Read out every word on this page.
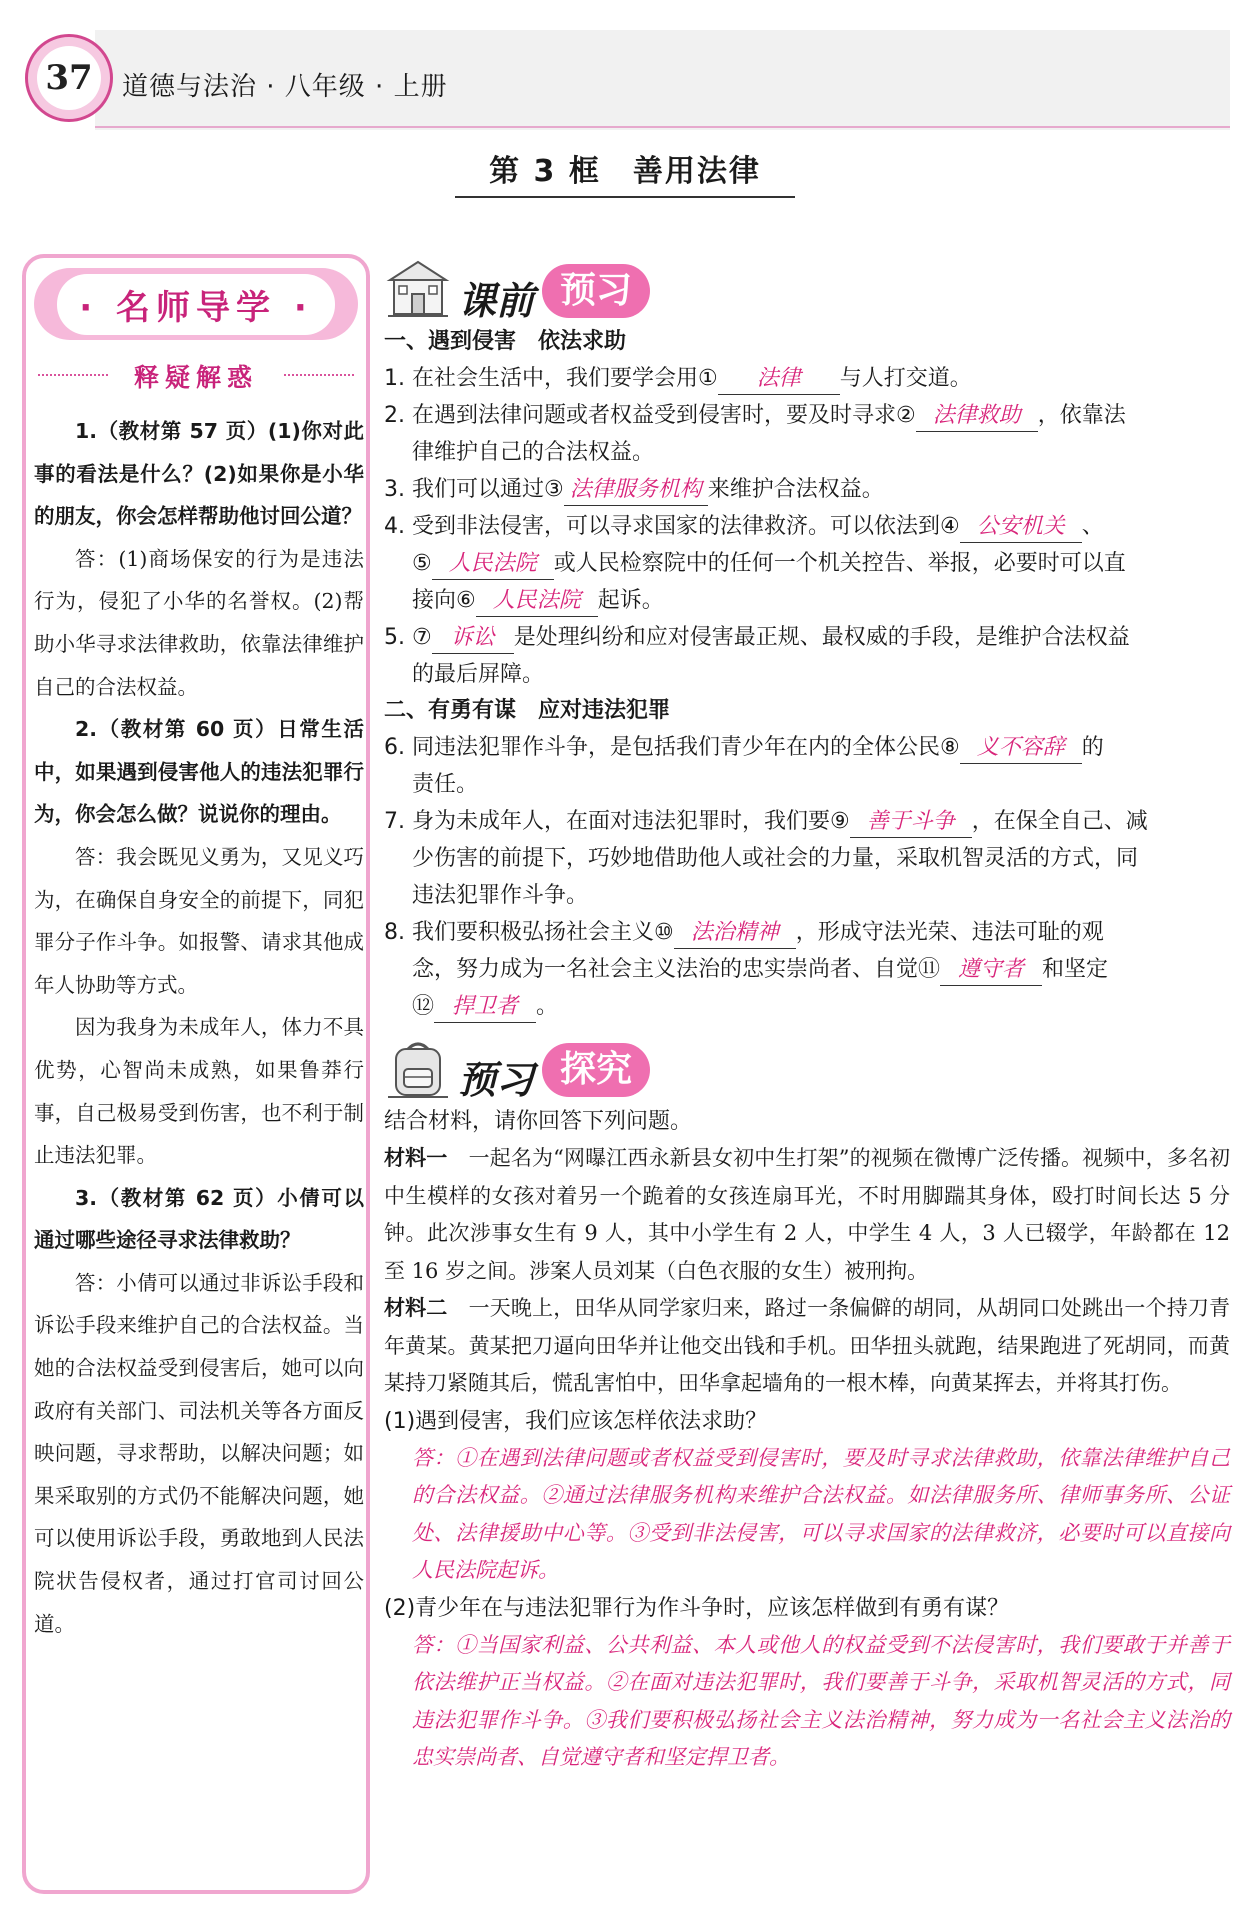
37	道德与法治 · 八年级 · 上册
第 3 框　善用法律
· 名师导学 ·
释疑解惑

1.（教材第 57 页）(1)你对此事的看法是什么？(2)如果你是小华的朋友，你会怎样帮助他讨回公道？

答：(1)商场保安的行为是违法行为，侵犯了小华的名誉权。(2)帮助小华寻求法律救助，依靠法律维护自己的合法权益。

2.（教材第 60 页）日常生活中，如果遇到侵害他人的违法犯罪行为，你会怎么做？说说你的理由。

答：我会既见义勇为，又见义巧为，在确保自身安全的前提下，同犯罪分子作斗争。如报警、请求其他成年人协助等方式。

因为我身为未成年人，体力不具优势，心智尚未成熟，如果鲁莽行事，自己极易受到伤害，也不利于制止违法犯罪。

3.（教材第 62 页）小倩可以通过哪些途径寻求法律救助？

答：小倩可以通过非诉讼手段和诉讼手段来维护自己的合法权益。当她的合法权益受到侵害后，她可以向政府有关部门、司法机关等各方面反映问题，寻求帮助，以解决问题；如果采取别的方式仍不能解决问题，她可以使用诉讼手段，勇敢地到人民法院状告侵权者，通过打官司讨回公道。

课前 预习

一、遇到侵害　依法求助

1. 在社会生活中，我们要学会用① 法律 与人打交道。

2. 在遇到法律问题或者权益受到侵害时，要及时寻求② 法律救助 ，依靠法

律维护自己的合法权益。

3. 我们可以通过③ 法律服务机构 来维护合法权益。

4. 受到非法侵害，可以寻求国家的法律救济。可以依法到④ 公安机关 、

⑤ 人民法院 或人民检察院中的任何一个机关控告、举报，必要时可以直

接向⑥ 人民法院 起诉。

5. ⑦ 诉讼 是处理纠纷和应对侵害最正规、最权威的手段，是维护合法权益

的最后屏障。

二、有勇有谋　应对违法犯罪

6. 同违法犯罪作斗争，是包括我们青少年在内的全体公民⑧ 义不容辞 的

责任。

7. 身为未成年人，在面对违法犯罪时，我们要⑨ 善于斗争 ，在保全自己、减

少伤害的前提下，巧妙地借助他人或社会的力量，采取机智灵活的方式，同

违法犯罪作斗争。

8. 我们要积极弘扬社会主义⑩ 法治精神 ，形成守法光荣、违法可耻的观

念，努力成为一名社会主义法治的忠实崇尚者、自觉⑪ 遵守者 和坚定

⑫ 捍卫者 。

预习 探究

结合材料，请你回答下列问题。

材料一　 一起名为“网曝江西永新县女初中生打架”的视频在微博广泛传播。视频中，多名初中生模样的女孩对着另一个跪着的女孩连扇耳光，不时用脚踹其身体，殴打时间长达 5 分钟。此次涉事女生有 9 人，其中小学生有 2 人，中学生 4 人，3 人已辍学，年龄都在 12 至 16 岁之间。涉案人员刘某（白色衣服的女生）被刑拘。

材料二　 一天晚上，田华从同学家归来，路过一条偏僻的胡同，从胡同口处跳出一个持刀青年黄某。黄某把刀逼向田华并让他交出钱和手机。田华扭头就跑，结果跑进了死胡同，而黄某持刀紧随其后，慌乱害怕中，田华拿起墙角的一根木棒，向黄某挥去，并将其打伤。

(1)遇到侵害，我们应该怎样依法求助？

答：①在遇到法律问题或者权益受到侵害时，要及时寻求法律救助，依靠法律维护自己的合法权益。②通过法律服务机构来维护合法权益。如法律服务所、律师事务所、公证处、法律援助中心等。③受到非法侵害，可以寻求国家的法律救济，必要时可以直接向人民法院起诉。

(2)青少年在与违法犯罪行为作斗争时，应该怎样做到有勇有谋？

答：①当国家利益、公共利益、本人或他人的权益受到不法侵害时，我们要敢于并善于依法维护正当权益。②在面对违法犯罪时，我们要善于斗争，采取机智灵活的方式，同违法犯罪作斗争。③我们要积极弘扬社会主义法治精神，努力成为一名社会主义法治的忠实崇尚者、自觉遵守者和坚定捍卫者。
